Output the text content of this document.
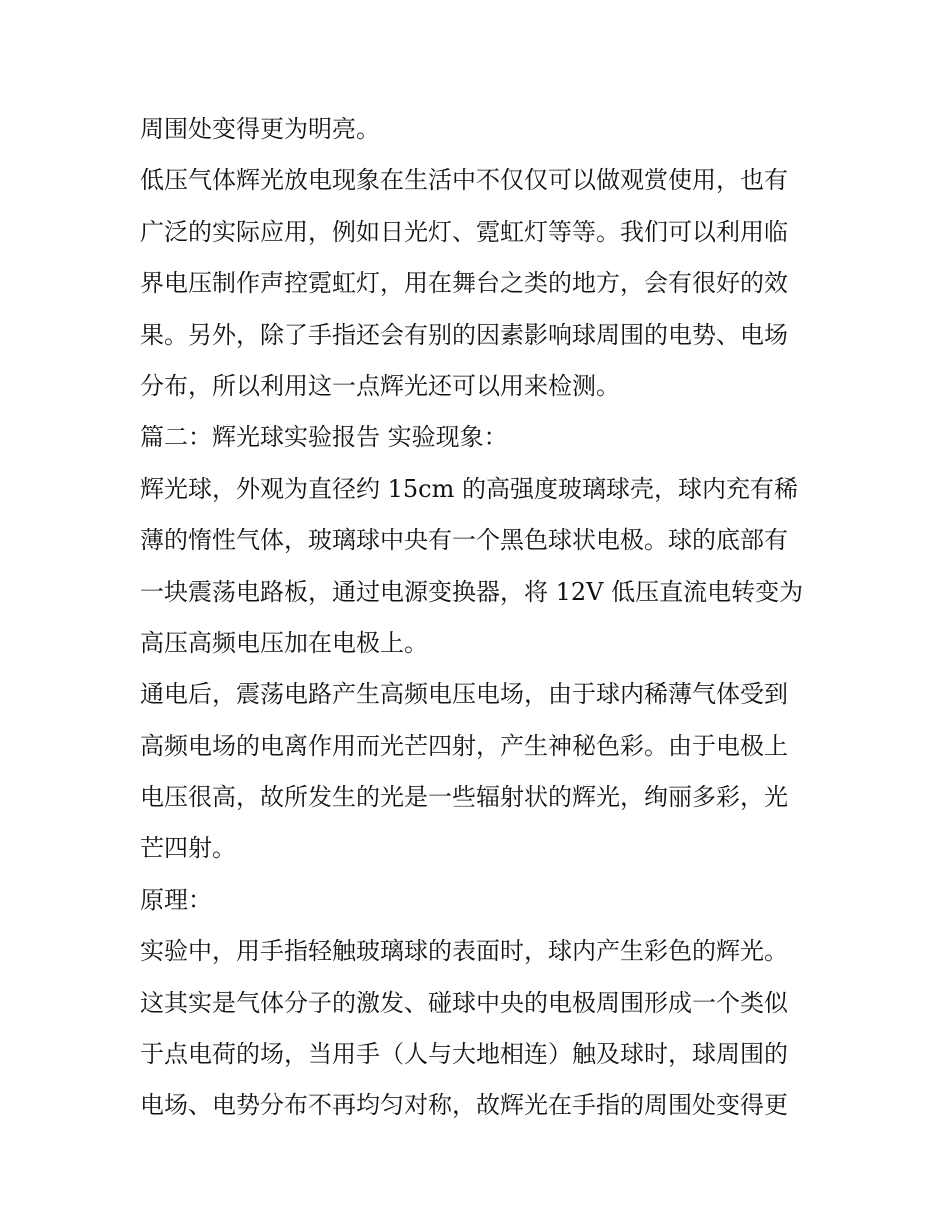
周围处变得更为明亮。
低压气体辉光放电现象在生活中不仅仅可以做观赏使用，也有
广泛的实际应用，例如日光灯、霓虹灯等等。我们可以利用临
界电压制作声控霓虹灯，用在舞台之类的地方，会有很好的效
果。另外，除了手指还会有别的因素影响球周围的电势、电场
分布，所以利用这一点辉光还可以用来检测。
篇二：辉光球实验报告 实验现象：
辉光球，外观为直径约 15cm 的高强度玻璃球壳，球内充有稀
薄的惰性气体，玻璃球中央有一个黑色球状电极。球的底部有
一块震荡电路板，通过电源变换器，将 12V 低压直流电转变为
高压高频电压加在电极上。
通电后，震荡电路产生高频电压电场，由于球内稀薄气体受到
高频电场的电离作用而光芒四射，产生神秘色彩。由于电极上
电压很高，故所发生的光是一些辐射状的辉光，绚丽多彩，光
芒四射。
原理：
实验中，用手指轻触玻璃球的表面时，球内产生彩色的辉光。
这其实是气体分子的激发、碰球中央的电极周围形成一个类似
于点电荷的场，当用手（人与大地相连）触及球时，球周围的
电场、电势分布不再均匀对称，故辉光在手指的周围处变得更
